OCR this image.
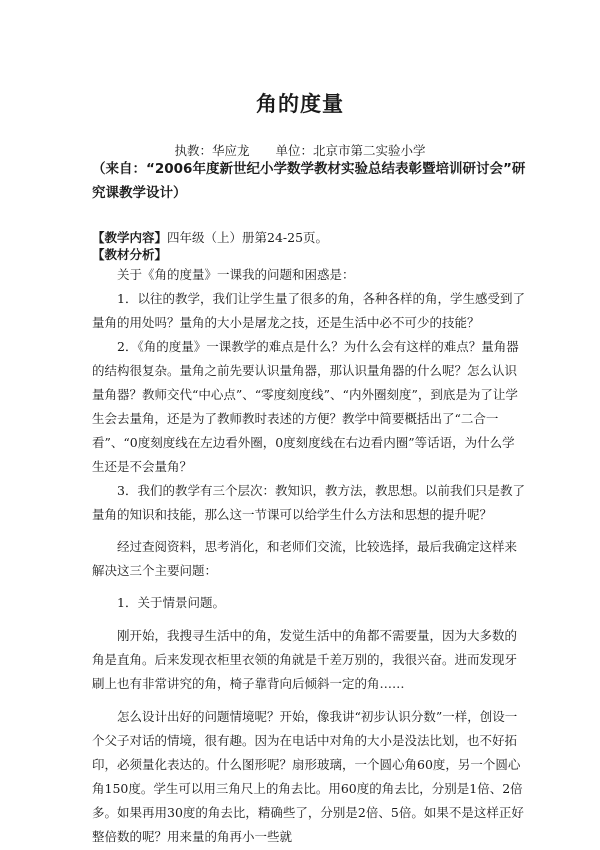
角的度量
执教：华应龙 单位：北京市第二实验小学
（来自：“2006年度新世纪小学数学教材实验总结表彰暨培训研讨会”研究课教学设计）
【教学内容】四年级（上）册第24-25页。
【教材分析】

关于《角的度量》一课我的问题和困惑是：

1．以往的教学，我们让学生量了很多的角，各种各样的角，学生感受到了量角的用处吗？量角的大小是屠龙之技，还是生活中必不可少的技能？

2．《角的度量》一课教学的难点是什么？为什么会有这样的难点？量角器的结构很复杂。量角之前先要认识量角器，那认识量角器的什么呢？怎么认识量角器？教师交代“中心点”、“零度刻度线”、“内外圈刻度”，到底是为了让学生会去量角，还是为了教师教时表述的方便？教学中简要概括出了“二合一看”、“0度刻度线在左边看外圈，0度刻度线在右边看内圈”等话语，为什么学生还是不会量角？

3．我们的教学有三个层次：教知识，教方法，教思想。以前我们只是教了量角的知识和技能，那么这一节课可以给学生什么方法和思想的提升呢？

经过查阅资料，思考消化，和老师们交流，比较选择，最后我确定这样来解决这三个主要问题：

1．关于情景问题。

刚开始，我搜寻生活中的角，发觉生活中的角都不需要量，因为大多数的角是直角。后来发现衣柜里衣领的角就是千差万别的，我很兴奋。进而发现牙刷上也有非常讲究的角，椅子靠背向后倾斜一定的角……

怎么设计出好的问题情境呢？开始，像我讲“初步认识分数”一样，创设一个父子对话的情境，很有趣。因为在电话中对角的大小是没法比划，也不好拓印，必须量化表达的。什么图形呢？扇形玻璃，一个圆心角60度，另一个圆心角150度。学生可以用三角尺上的角去比。用60度的角去比，分别是1倍、2倍多。如果再用30度的角去比，精确些了，分别是2倍、5倍。如果不是这样正好整倍数的呢？用来量的角再小一些就
